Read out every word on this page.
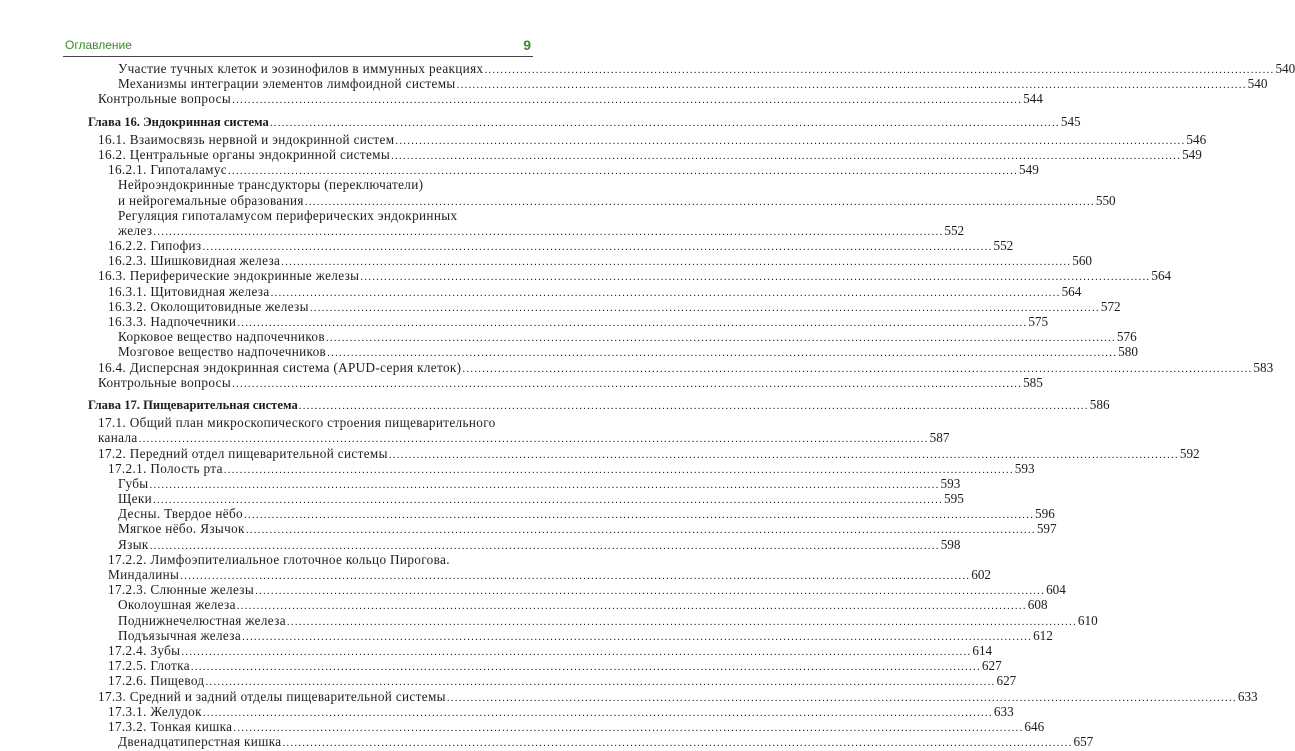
Оглавление	9
Участие тучных клеток и эозинофилов в иммунных реакциях ........................................................................................................................................................................................................ 540
Механизмы интеграции элементов лимфоидной системы ........................................................................................................................................................................................................ 540
Контрольные вопросы ........................................................................................................................................................................................................ 544
Глава 16. Эндокринная система ........................................................................................................................................................................................................ 545
16.1. Взаимосвязь нервной и эндокринной систем ........................................................................................................................................................................................................ 546
16.2. Центральные органы эндокринной системы ........................................................................................................................................................................................................ 549
16.2.1. Гипоталамус ........................................................................................................................................................................................................ 549
Нейроэндокринные трансдукторы (переключатели)
и нейрогемальные образования ........................................................................................................................................................................................................ 550
Регуляция гипоталамусом периферических эндокринных
желез ........................................................................................................................................................................................................ 552
16.2.2. Гипофиз ........................................................................................................................................................................................................ 552
16.2.3. Шишковидная железа ........................................................................................................................................................................................................ 560
16.3. Периферические эндокринные железы ........................................................................................................................................................................................................ 564
16.3.1. Щитовидная железа ........................................................................................................................................................................................................ 564
16.3.2. Околощитовидные железы ........................................................................................................................................................................................................ 572
16.3.3. Надпочечники ........................................................................................................................................................................................................ 575
Корковое вещество надпочечников ........................................................................................................................................................................................................ 576
Мозговое вещество надпочечников ........................................................................................................................................................................................................ 580
16.4. Дисперсная эндокринная система (APUD-серия клеток) ........................................................................................................................................................................................................ 583
Контрольные вопросы ........................................................................................................................................................................................................ 585
Глава 17. Пищеварительная система ........................................................................................................................................................................................................ 586
17.1. Общий план микроскопического строения пищеварительного
канала ........................................................................................................................................................................................................ 587
17.2. Передний отдел пищеварительной системы ........................................................................................................................................................................................................ 592
17.2.1. Полость рта ........................................................................................................................................................................................................ 593
Губы ........................................................................................................................................................................................................ 593
Щеки ........................................................................................................................................................................................................ 595
Десны. Твердое нёбо ........................................................................................................................................................................................................ 596
Мягкое нёбо. Язычок ........................................................................................................................................................................................................ 597
Язык ........................................................................................................................................................................................................ 598
17.2.2. Лимфоэпителиальное глоточное кольцо Пирогова.
Миндалины ........................................................................................................................................................................................................ 602
17.2.3. Слюнные железы ........................................................................................................................................................................................................ 604
Околоушная железа ........................................................................................................................................................................................................ 608
Поднижнечелюстная железа ........................................................................................................................................................................................................ 610
Подъязычная железа ........................................................................................................................................................................................................ 612
17.2.4. Зубы ........................................................................................................................................................................................................ 614
17.2.5. Глотка ........................................................................................................................................................................................................ 627
17.2.6. Пищевод ........................................................................................................................................................................................................ 627
17.3. Средний и задний отделы пищеварительной системы ........................................................................................................................................................................................................ 633
17.3.1. Желудок ........................................................................................................................................................................................................ 633
17.3.2. Тонкая кишка ........................................................................................................................................................................................................ 646
Двенадцатиперстная кишка ........................................................................................................................................................................................................ 657
